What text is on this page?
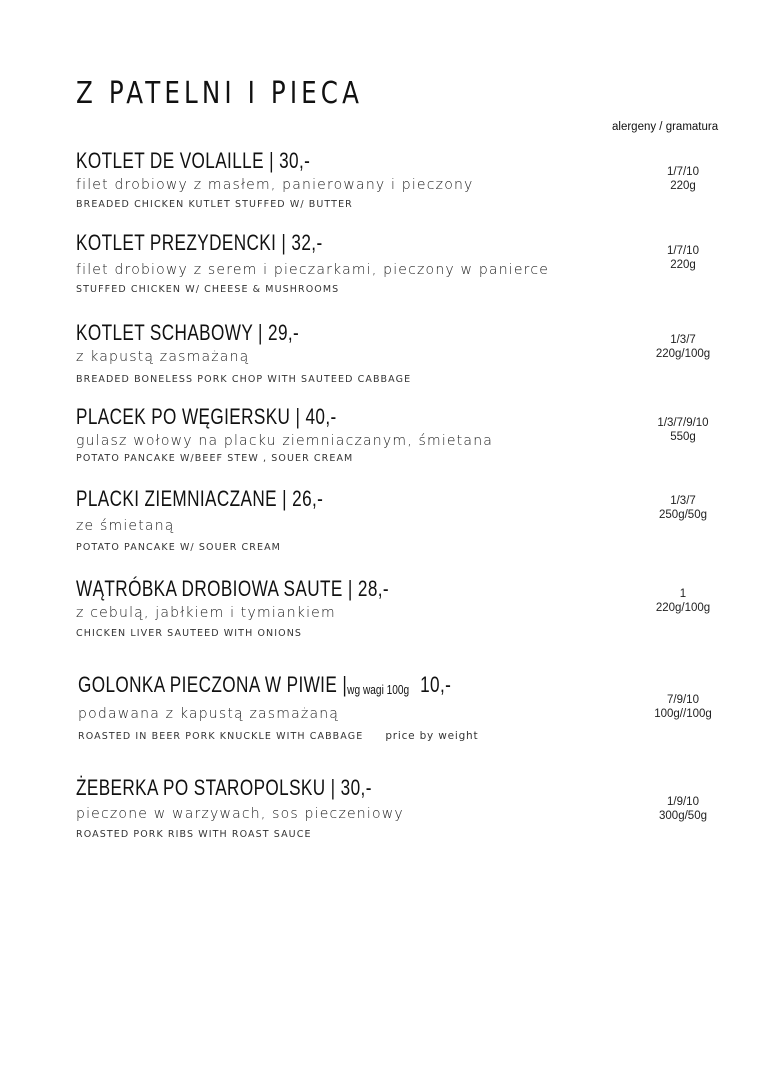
Z PATELNI I PIECA
alergeny / gramatura
KOTLET DE VOLAILLE | 30,-
filet drobiowy z masłem, panierowany i pieczony
BREADED CHICKEN KUTLET STUFFED W/ BUTTER
1/7/10
220g
KOTLET PREZYDENCKI | 32,-
filet drobiowy z serem i pieczarkami, pieczony w panierce
STUFFED CHICKEN W/ CHEESE & MUSHROOMS
1/7/10
220g
KOTLET SCHABOWY | 29,-
z kapustą zasmażaną
BREADED BONELESS PORK CHOP WITH SAUTEED CABBAGE
1/3/7
220g/100g
PLACEK PO WĘGIERSKU | 40,-
gulasz wołowy na placku ziemniaczanym, śmietana
POTATO PANCAKE W/BEEF STEW , SOUER CREAM
1/3/7/9/10
550g
PLACKI ZIEMNIACZANE | 26,-
ze śmietaną
POTATO PANCAKE W/ SOUER CREAM
1/3/7
250g/50g
WĄTRÓBKA DROBIOWA SAUTE | 28,-
z cebulą, jabłkiem i tymiankiem
CHICKEN LIVER SAUTEED WITH ONIONS
1
220g/100g
GOLONKA PIECZONA W PIWIE |wg wagi 100g 10,-
podawana z kapustą zasmażaną
ROASTED IN BEER PORK KNUCKLE WITH CABBAGE price by weight
7/9/10
100g//100g
ŻEBERKA PO STAROPOLSKU | 30,-
pieczone w warzywach, sos pieczeniowy
ROASTED PORK RIBS WITH ROAST SAUCE
1/9/10
300g/50g
